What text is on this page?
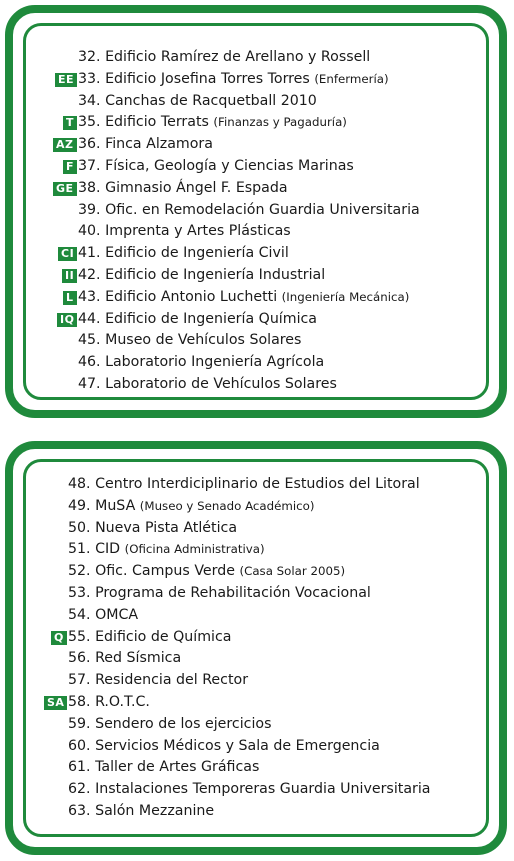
32. Edificio Ramírez de Arellano y Rossell
EE 33. Edificio Josefina Torres Torres (Enfermería)
34. Canchas de Racquetball 2010
T 35. Edificio Terrats (Finanzas y Pagaduría)
AZ 36. Finca Alzamora
F 37. Física, Geología y Ciencias Marinas
GE 38. Gimnasio Ángel F. Espada
39. Ofic. en Remodelación Guardia Universitaria
40. Imprenta y Artes Plásticas
CI 41. Edificio de Ingeniería Civil
II 42. Edificio de Ingeniería Industrial
L 43. Edificio Antonio Luchetti (Ingeniería Mecánica)
IQ 44. Edificio de Ingeniería Química
45. Museo de Vehículos Solares
46. Laboratorio Ingeniería Agrícola
47. Laboratorio de Vehículos Solares
48. Centro Interdiciplinario de Estudios del Litoral
49. MuSA (Museo y Senado Académico)
50. Nueva Pista Atlética
51. CID (Oficina Administrativa)
52. Ofic. Campus Verde (Casa Solar 2005)
53. Programa de Rehabilitación Vocacional
54. OMCA
Q 55. Edificio de Química
56. Red Sísmica
57. Residencia del Rector
SA 58. R.O.T.C.
59. Sendero de los ejercicios
60. Servicios Médicos y Sala de Emergencia
61. Taller de Artes Gráficas
62. Instalaciones Temporeras Guardia Universitaria
63. Salón Mezzanine
